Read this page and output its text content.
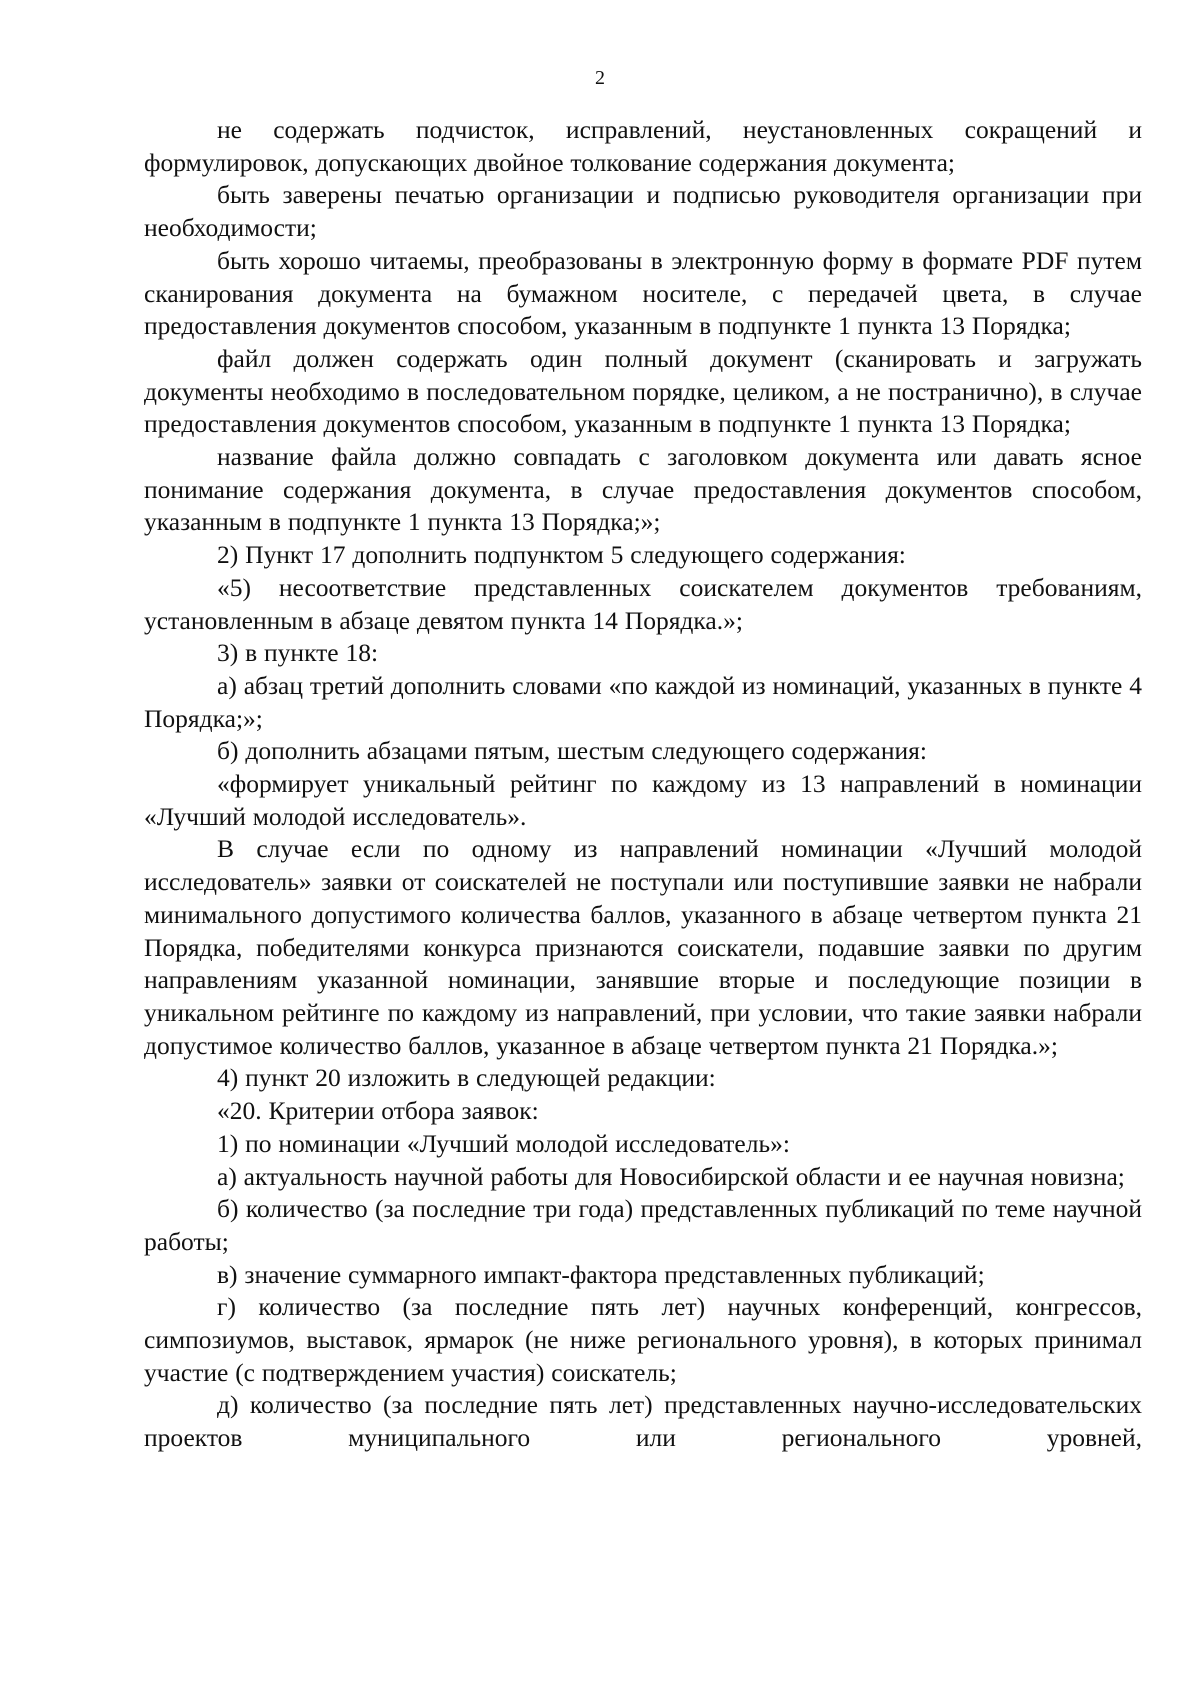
2

не содержать подчисток, исправлений, неустановленных сокращений и формулировок, допускающих двойное толкование содержания документа;

быть заверены печатью организации и подписью руководителя организации при необходимости;

быть хорошо читаемы, преобразованы в электронную форму в формате PDF путем сканирования документа на бумажном носителе, с передачей цвета, в случае предоставления документов способом, указанным в подпункте 1 пункта 13 Порядка;

файл должен содержать один полный документ (сканировать и загружать документы необходимо в последовательном порядке, целиком, а не постранично), в случае предоставления документов способом, указанным в подпункте 1 пункта 13 Порядка;

название файла должно совпадать с заголовком документа или давать ясное понимание содержания документа, в случае предоставления документов способом, указанным в подпункте 1 пункта 13 Порядка;»;

2) Пункт 17 дополнить подпунктом 5 следующего содержания:

«5) несоответствие представленных соискателем документов требованиям, установленным в абзаце девятом пункта 14 Порядка.»;

3) в пункте 18:

а) абзац третий дополнить словами «по каждой из номинаций, указанных в пункте 4 Порядка;»;

б) дополнить абзацами пятым, шестым следующего содержания:

«формирует уникальный рейтинг по каждому из 13 направлений в номинации «Лучший молодой исследователь».

В случае если по одному из направлений номинации «Лучший молодой исследователь» заявки от соискателей не поступали или поступившие заявки не набрали минимального допустимого количества баллов, указанного в абзаце четвертом пункта 21 Порядка, победителями конкурса признаются соискатели, подавшие заявки по другим направлениям указанной номинации, занявшие вторые и последующие позиции в уникальном рейтинге по каждому из направлений, при условии, что такие заявки набрали допустимое количество баллов, указанное в абзаце четвертом пункта 21 Порядка.»;

4) пункт 20 изложить в следующей редакции:

«20. Критерии отбора заявок:

1) по номинации «Лучший молодой исследователь»:

а) актуальность научной работы для Новосибирской области и ее научная новизна;

б) количество (за последние три года) представленных публикаций по теме научной работы;

в) значение суммарного импакт-фактора представленных публикаций;

г) количество (за последние пять лет) научных конференций, конгрессов, симпозиумов, выставок, ярмарок (не ниже регионального уровня), в которых принимал участие (с подтверждением участия) соискатель;

д) количество (за последние пять лет) представленных научно-исследовательских проектов муниципального или регионального уровней,
